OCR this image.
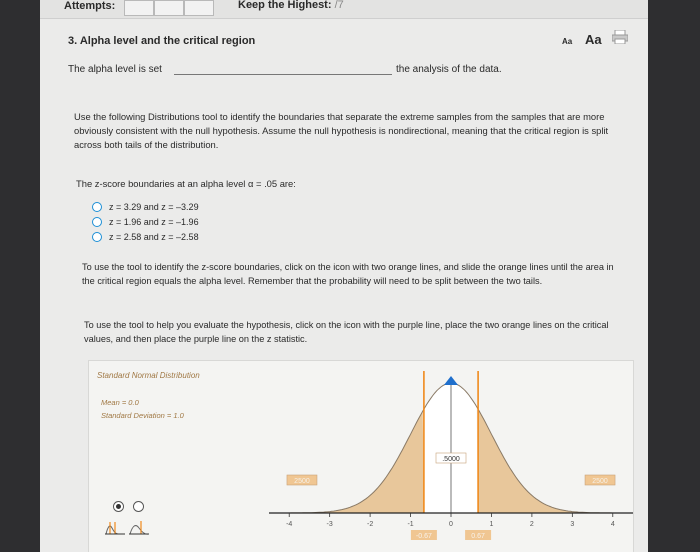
Attempts:	Keep the Highest: /7
3. Alpha level and the critical region	Aa Aa
The alpha level is set	the analysis of the data.
Use the following Distributions tool to identify the boundaries that separate the extreme samples from the samples that are more obviously consistent with the null hypothesis. Assume the null hypothesis is nondirectional, meaning that the critical region is split across both tails of the distribution.
The z-score boundaries at an alpha level α = .05 are:
z = 3.29 and z = –3.29
z = 1.96 and z = –1.96
z = 2.58 and z = –2.58
To use the tool to identify the z-score boundaries, click on the icon with two orange lines, and slide the orange lines until the area in the critical region equals the alpha level. Remember that the probability will need to be split between the two tails.
To use the tool to help you evaluate the hypothesis, click on the icon with the purple line, place the two orange lines on the critical values, and then place the purple line on the z statistic.
Standard Normal Distribution
Mean = 0.0
Standard Deviation = 1.0
2500
.5000
2500
-4	-3	-2	-1	0	1	2	3	4
-0.67	0.67
